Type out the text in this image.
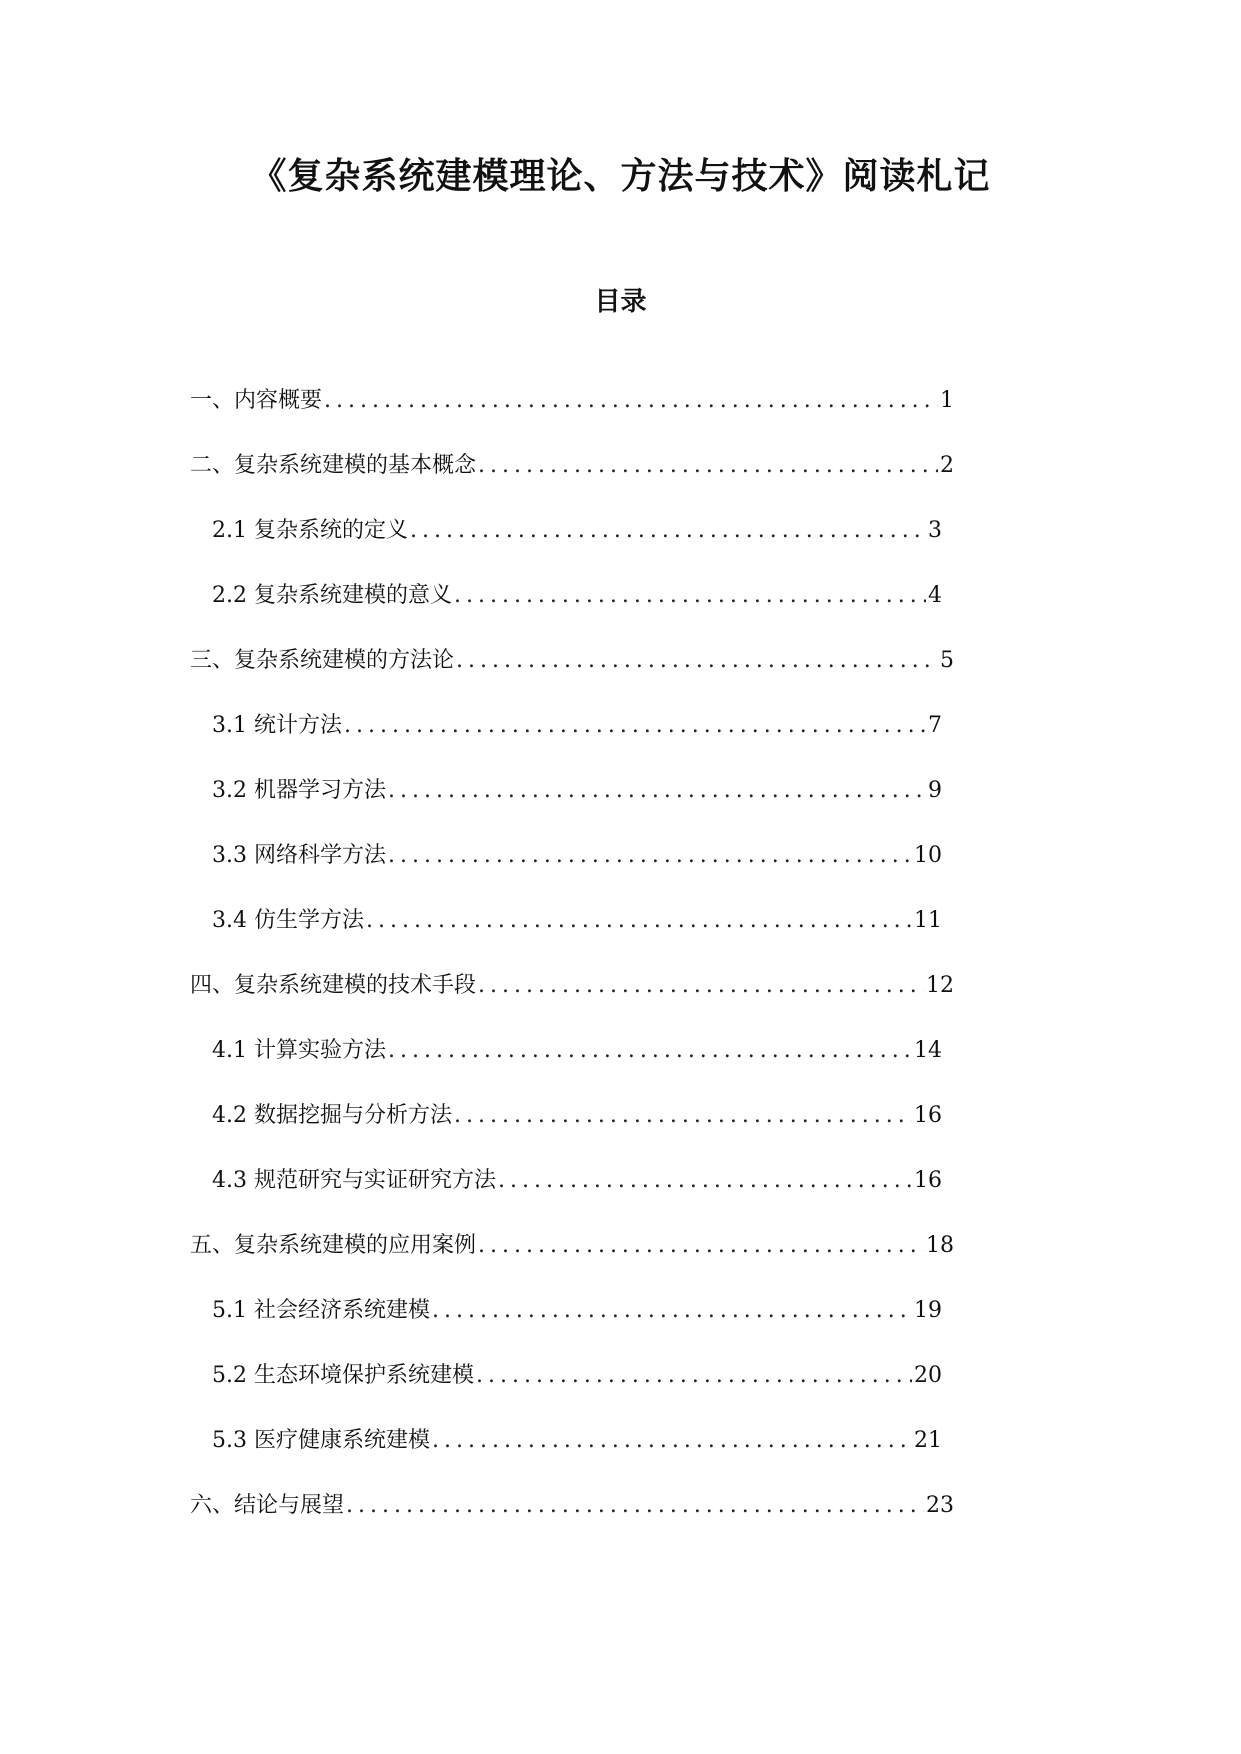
《复杂系统建模理论、方法与技术》阅读札记
目录
一、内容概要 .....	1
二、复杂系统建模的基本概念 .....	2
2.1 复杂系统的定义 .....	3
2.2 复杂系统建模的意义 .....	4
三、复杂系统建模的方法论 .....	5
3.1 统计方法 .....	7
3.2 机器学习方法 .....	9
3.3 网络科学方法 .....	10
3.4 仿生学方法 .....	11
四、复杂系统建模的技术手段 .....	12
4.1 计算实验方法 .....	14
4.2 数据挖掘与分析方法 .....	16
4.3 规范研究与实证研究方法 .....	16
五、复杂系统建模的应用案例 .....	18
5.1 社会经济系统建模 .....	19
5.2 生态环境保护系统建模 .....	20
5.3 医疗健康系统建模 .....	21
六、结论与展望 .....	23
